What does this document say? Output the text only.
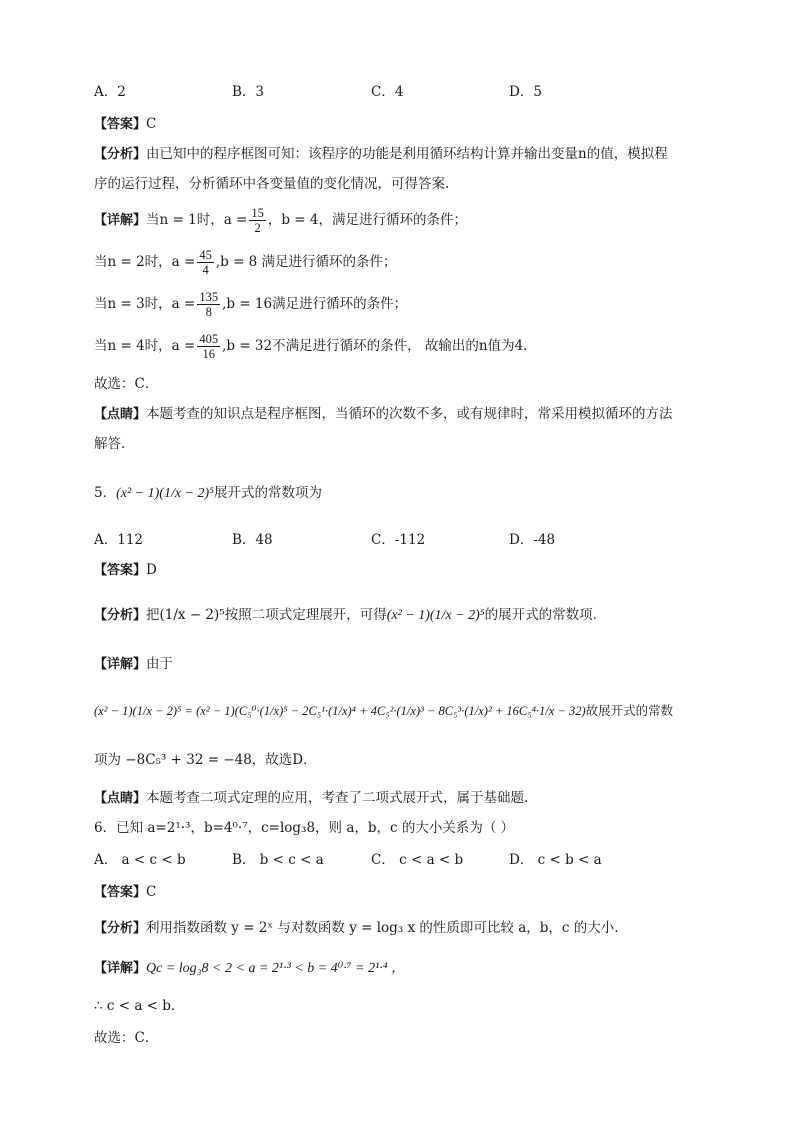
A．2	B．3	C．4	D．5
【答案】C
【分析】由已知中的程序框图可知：该程序的功能是利用循环结构计算并输出变量n的值，模拟程
序的运行过程，分析循环中各变量值的变化情况，可得答案．
【详解】当n = 1时，$a = \frac{15}{2}$ ，b = 4，满足进行循环的条件；
当n = 2时，$a = \frac{45}{4} ,b = 8$ 满足进行循环的条件；
当n = 3时，$a = \frac{135}{8} ,b = 16$满足进行循环的条件；
当n = 4时，$a = \frac{405}{16} ,b = 32$不满足进行循环的条件， 故输出的n值为4．
故选：C．
【点睛】本题考查的知识点是程序框图，当循环的次数不多，或有规律时，常采用模拟循环的方法
解答．
5．(x² − 1)(1/x − 2)⁵展开式的常数项为
A．112	B．48	C．-112	D．-48
【答案】D
【分析】把(1/x − 2)⁵按照二项式定理展开，可得(x² − 1)(1/x − 2)⁵的展开式的常数项．
【详解】由于
(x² − 1)(1/x − 2)⁵ = (x² − 1)(C₅⁰·(1/x)⁵ − 2C₅¹·(1/x)⁴ + 4C₅²·(1/x)³ − 8C₅³·(1/x)² + 16C₅⁴·1/x − 32)故展开式的常数
项为 −8C₅³ + 32 = −48，故选D．
【点睛】本题考查二项式定理的应用，考查了二项式展开式，属于基础题.
6．已知 a=2¹·³，b=4⁰·⁷，c=log₃8，则 a，b，c 的大小关系为（ ）
A． a < c < b	B． b < c < a	C． c < a < b	D． c < b < a
【答案】C
【分析】利用指数函数 y = 2ˣ 与对数函数 y = log₃ x 的性质即可比较 a，b，c 的大小.
【详解】Qc = log₃8 < 2 < a = 2¹·³ < b = 4⁰·⁷ = 2¹·⁴ ，
∴ c < a < b．
故选：C．
